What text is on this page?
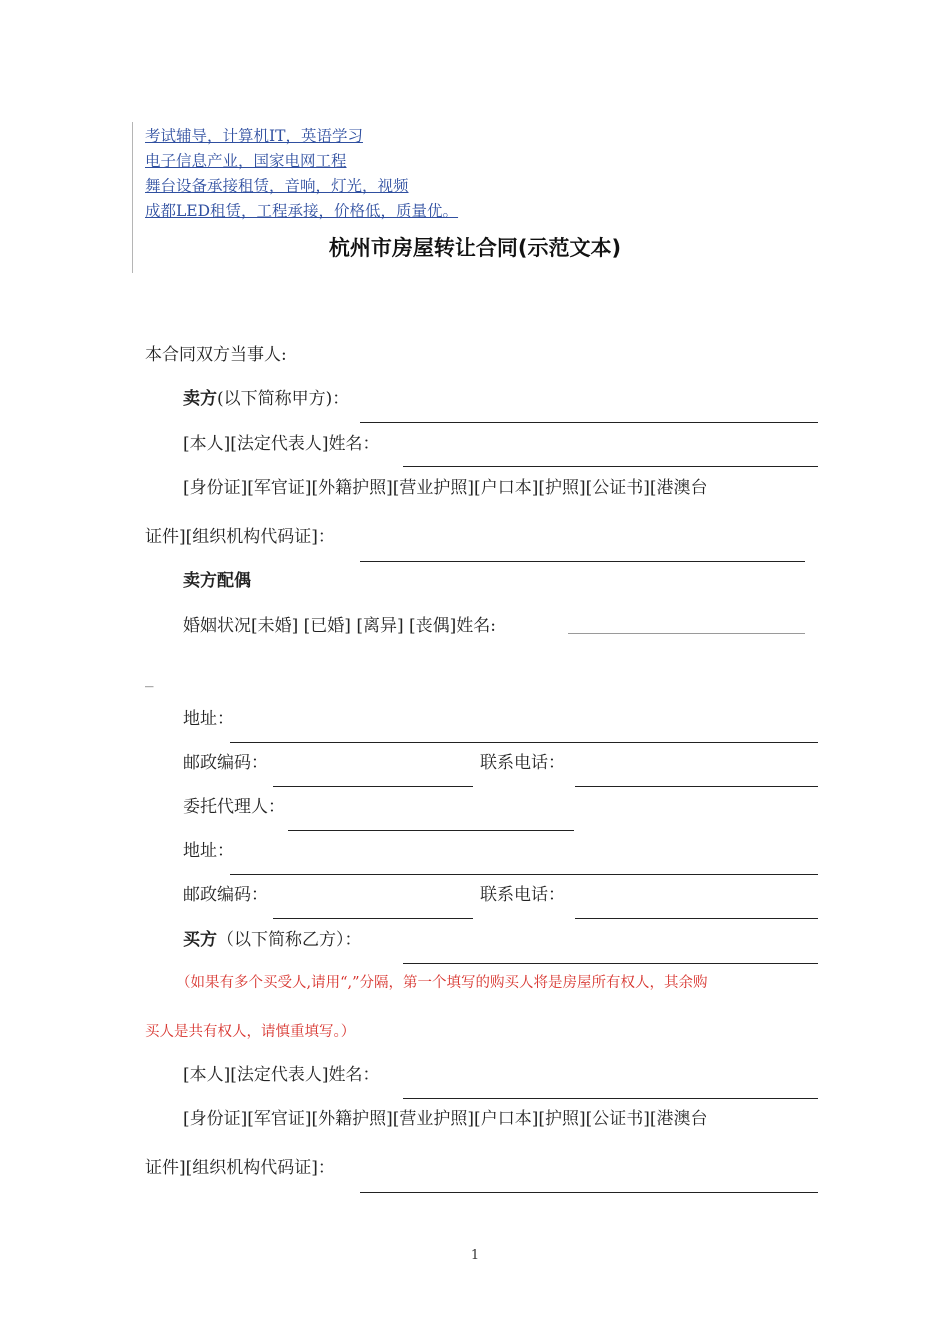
考试辅导，计算机IT，英语学习
电子信息产业，国家电网工程
舞台设备承接租赁，音响，灯光，视频
成都LED租赁，工程承接，价格低，质量优。
杭州市房屋转让合同(示范文本)
本合同双方当事人:
卖方(以下简称甲方)：
[本人][法定代表人]姓名：
[身份证][军官证][外籍护照][营业护照][户口本][护照][公证书][港澳台
证件][组织机构代码证]：
卖方配偶
婚姻状况[未婚] [已婚] [离异] [丧偶]姓名:
_
地址：
邮政编码：	联系电话：
委托代理人：
地址：
邮政编码：	联系电话：
买方（以下简称乙方）：
（如果有多个买受人,请用“,”分隔，第一个填写的购买人将是房屋所有权人，其余购
买人是共有权人，请慎重填写。）
[本人][法定代表人]姓名：
[身份证][军官证][外籍护照][营业护照][户口本][护照][公证书][港澳台
证件][组织机构代码证]：
1
